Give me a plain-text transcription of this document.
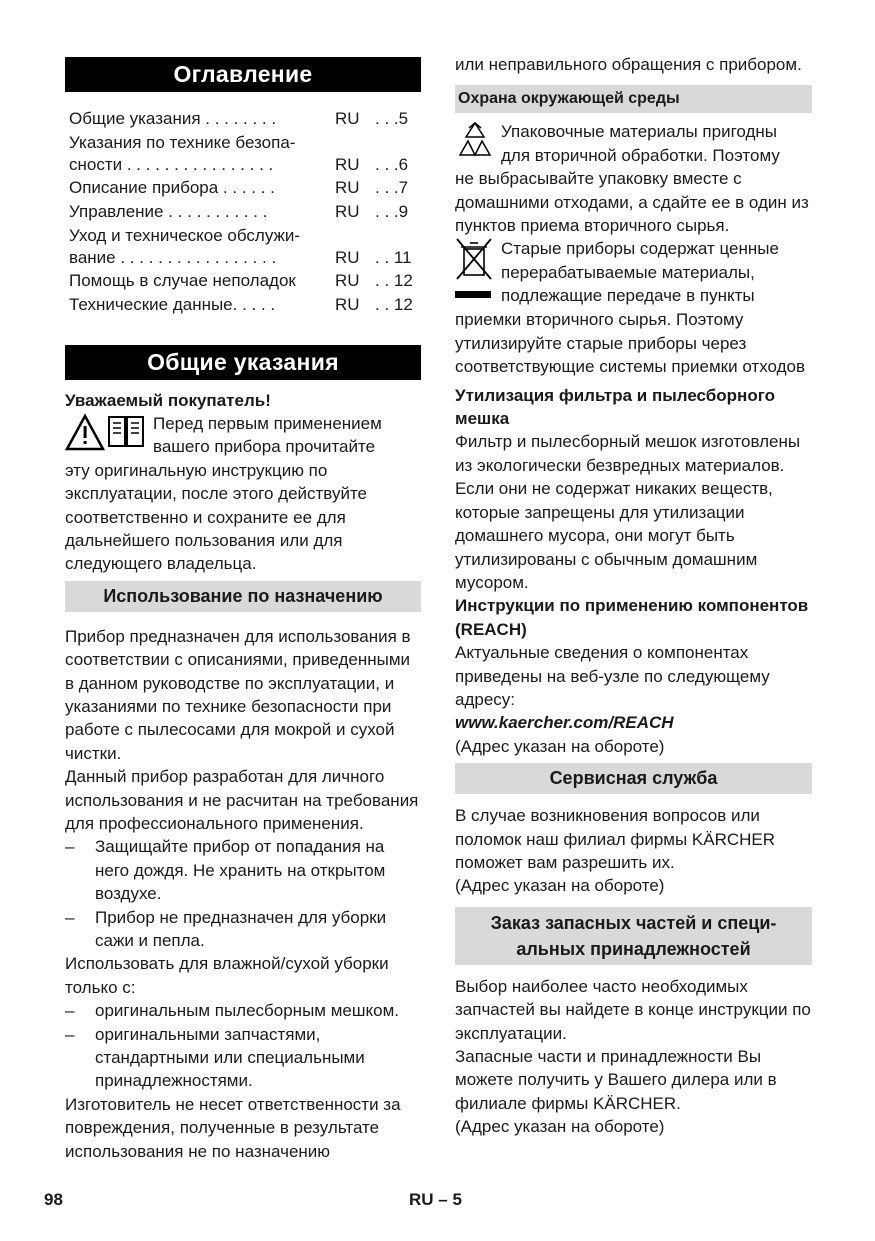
Оглавление
Общие указания . . . . . . . .	RU . . .5
Указания по технике безопа-
сности . . . . . . . . . . . . . . . .	RU . . .6
Описание прибора . . . . . .	RU . . .7
Управление . . . . . . . . . . .	RU . . .9
Уход и техническое обслужи-
вание . . . . . . . . . . . . . . . . .	RU . . 11
Помощь в случае неполадок	RU . . 12
Технические данные. . . . .	RU . . 12
Общие указания

Уважаемый покупатель!

Перед первым применением

вашего прибора прочитайте

эту оригинальную инструкцию по эксплуатации, после этого действуйте соответственно и сохраните ее для дальнейшего пользования или для следующего владельца.

Использование по назначению

Прибор предназначен для использования в соответствии с описаниями, приведенными в данном руководстве по эксплуатации, и указаниями по технике безопасности при работе с пылесосами для мокрой и сухой чистки.

Данный прибор разработан для личного использования и не расчитан на требования для профессионального применения.

–	Защищайте прибор от попадания на него дождя. Не хранить на открытом воздухе.
–	Прибор не предназначен для уборки сажи и пепла.

Использовать для влажной/сухой уборки только с:

–	оригинальным пылесборным мешком.
–	оригинальными запчастями, стандартными или специальными принадлежностями.

Изготовитель не несет ответственности за повреждения, полученные в результате использования не по назначению

или неправильного обращения с прибором.

Охрана окружающей среды

Упаковочные материалы пригодны

для вторичной обработки. Поэтому

не выбрасывайте упаковку вместе с домашними отходами, а сдайте ее в один из пунктов приема вторичного сырья.

Старые приборы содержат ценные

перерабатываемые материалы,

подлежащие передаче в пункты

приемки вторичного сырья. Поэтому утилизируйте старые приборы через соответствующие системы приемки отходов

Утилизация фильтра и пылесборного мешка

Фильтр и пылесборный мешок изготовлены из экологически безвредных материалов.

Если они не содержат никаких веществ, которые запрещены для утилизации домашнего мусора, они могут быть утилизированы с обычным домашним мусором.

Инструкции по применению компонентов (REACH)

Актуальные сведения о компонентах приведены на веб-узле по следующему адресу:

www.kaercher.com/REACH

(Адрес указан на обороте)

Сервисная служба

В случае возникновения вопросов или поломок наш филиал фирмы KÄRCHER поможет вам разрешить их.

(Адрес указан на обороте)

Заказ запасных частей и специ-
альных принадлежностей

Выбор наиболее часто необходимых запчастей вы найдете в конце инструкции по эксплуатации.

Запасные части и принадлежности Вы можете получить у Вашего дилера или в филиале фирмы KÄRCHER.

(Адрес указан на обороте)

98	RU – 5
